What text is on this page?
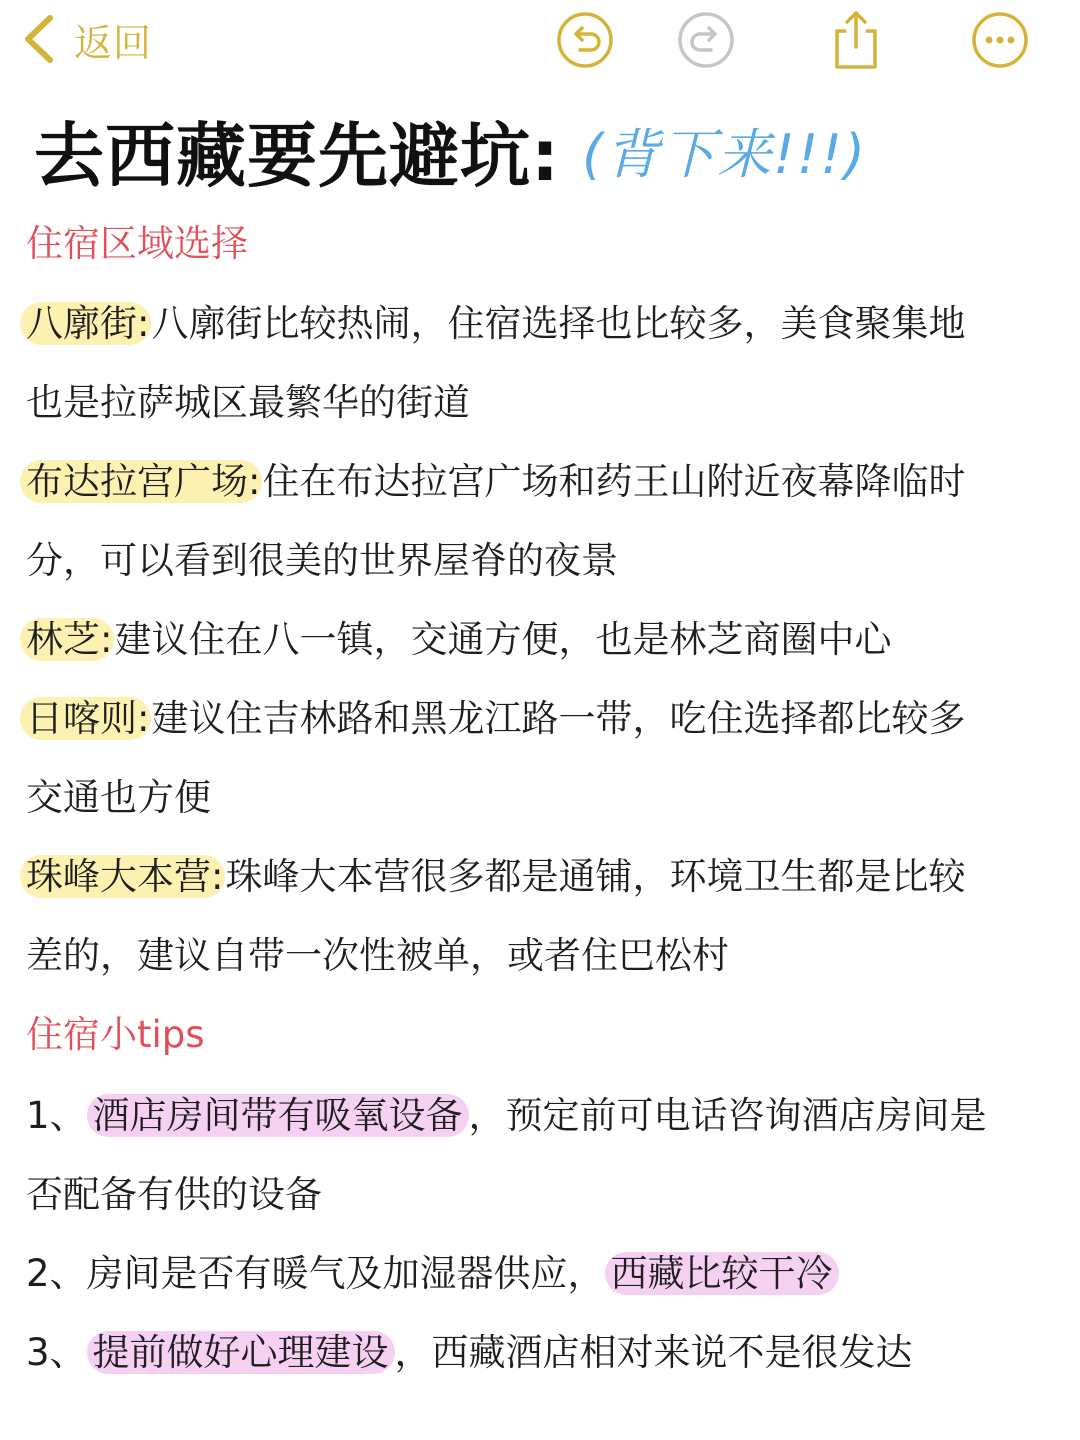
返回
去西藏要先避坑: (背下来!!!)
住宿区域选择
八廓街:八廓街比较热闹，住宿选择也比较多，美食聚集地
也是拉萨城区最繁华的街道
布达拉宫广场:住在布达拉宫广场和药王山附近夜幕降临时
分，可以看到很美的世界屋脊的夜景
林芝:建议住在八一镇，交通方便，也是林芝商圈中心
日喀则:建议住吉林路和黑龙江路一带，吃住选择都比较多
交通也方便
珠峰大本营:珠峰大本营很多都是通铺，环境卫生都是比较
差的，建议自带一次性被单，或者住巴松村
住宿小tips
1、 酒店房间带有吸氧设备 ，预定前可电话咨询酒店房间是
否配备有供的设备
2、房间是否有暖气及加湿器供应， 西藏比较干冷
3、 提前做好心理建设 ，西藏酒店相对来说不是很发达
